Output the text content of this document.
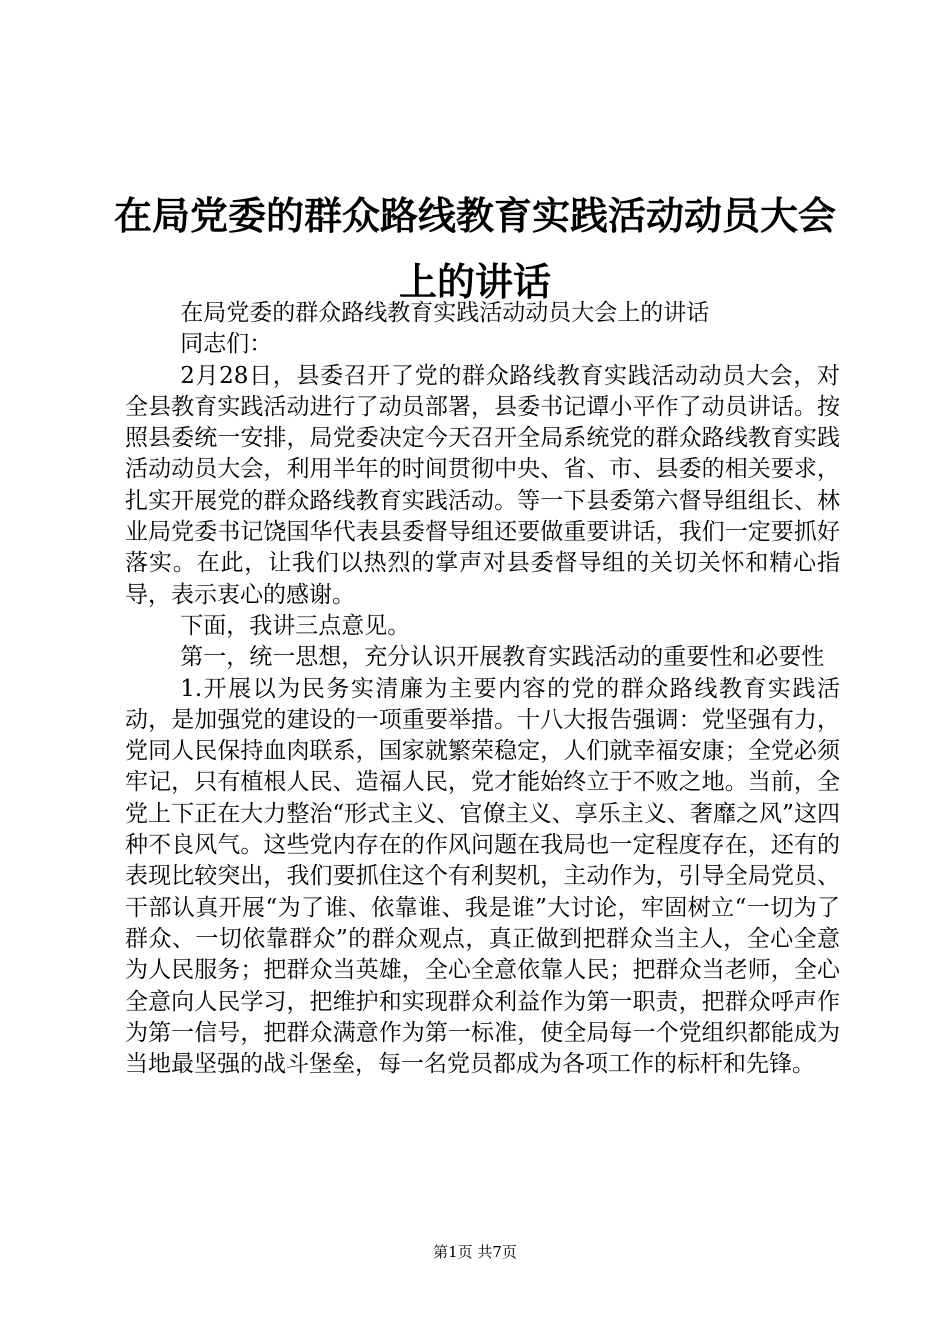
在局党委的群众路线教育实践活动动员大会上的讲话

在局党委的群众路线教育实践活动动员大会上的讲话

同志们：

2月28日，县委召开了党的群众路线教育实践活动动员大会，对全县教育实践活动进行了动员部署，县委书记谭小平作了动员讲话。按照县委统一安排，局党委决定今天召开全局系统党的群众路线教育实践活动动员大会，利用半年的时间贯彻中央、省、市、县委的相关要求，扎实开展党的群众路线教育实践活动。等一下县委第六督导组组长、林业局党委书记饶国华代表县委督导组还要做重要讲话，我们一定要抓好落实。在此，让我们以热烈的掌声对县委督导组的关切关怀和精心指导，表示衷心的感谢。

下面，我讲三点意见。

第一，统一思想，充分认识开展教育实践活动的重要性和必要性

1.开展以为民务实清廉为主要内容的党的群众路线教育实践活动，是加强党的建设的一项重要举措。十八大报告强调：党坚强有力，党同人民保持血肉联系，国家就繁荣稳定，人们就幸福安康；全党必须牢记，只有植根人民、造福人民，党才能始终立于不败之地。当前，全党上下正在大力整治“形式主义、官僚主义、享乐主义、奢靡之风”这四种不良风气。这些党内存在的作风问题在我局也一定程度存在，还有的表现比较突出，我们要抓住这个有利契机，主动作为，引导全局党员、干部认真开展“为了谁、依靠谁、我是谁”大讨论，牢固树立“一切为了群众、一切依靠群众”的群众观点，真正做到把群众当主人，全心全意为人民服务；把群众当英雄，全心全意依靠人民；把群众当老师，全心全意向人民学习，把维护和实现群众利益作为第一职责，把群众呼声作为第一信号，把群众满意作为第一标准，使全局每一个党组织都能成为当地最坚强的战斗堡垒，每一名党员都成为各项工作的标杆和先锋。

第1页 共7页
